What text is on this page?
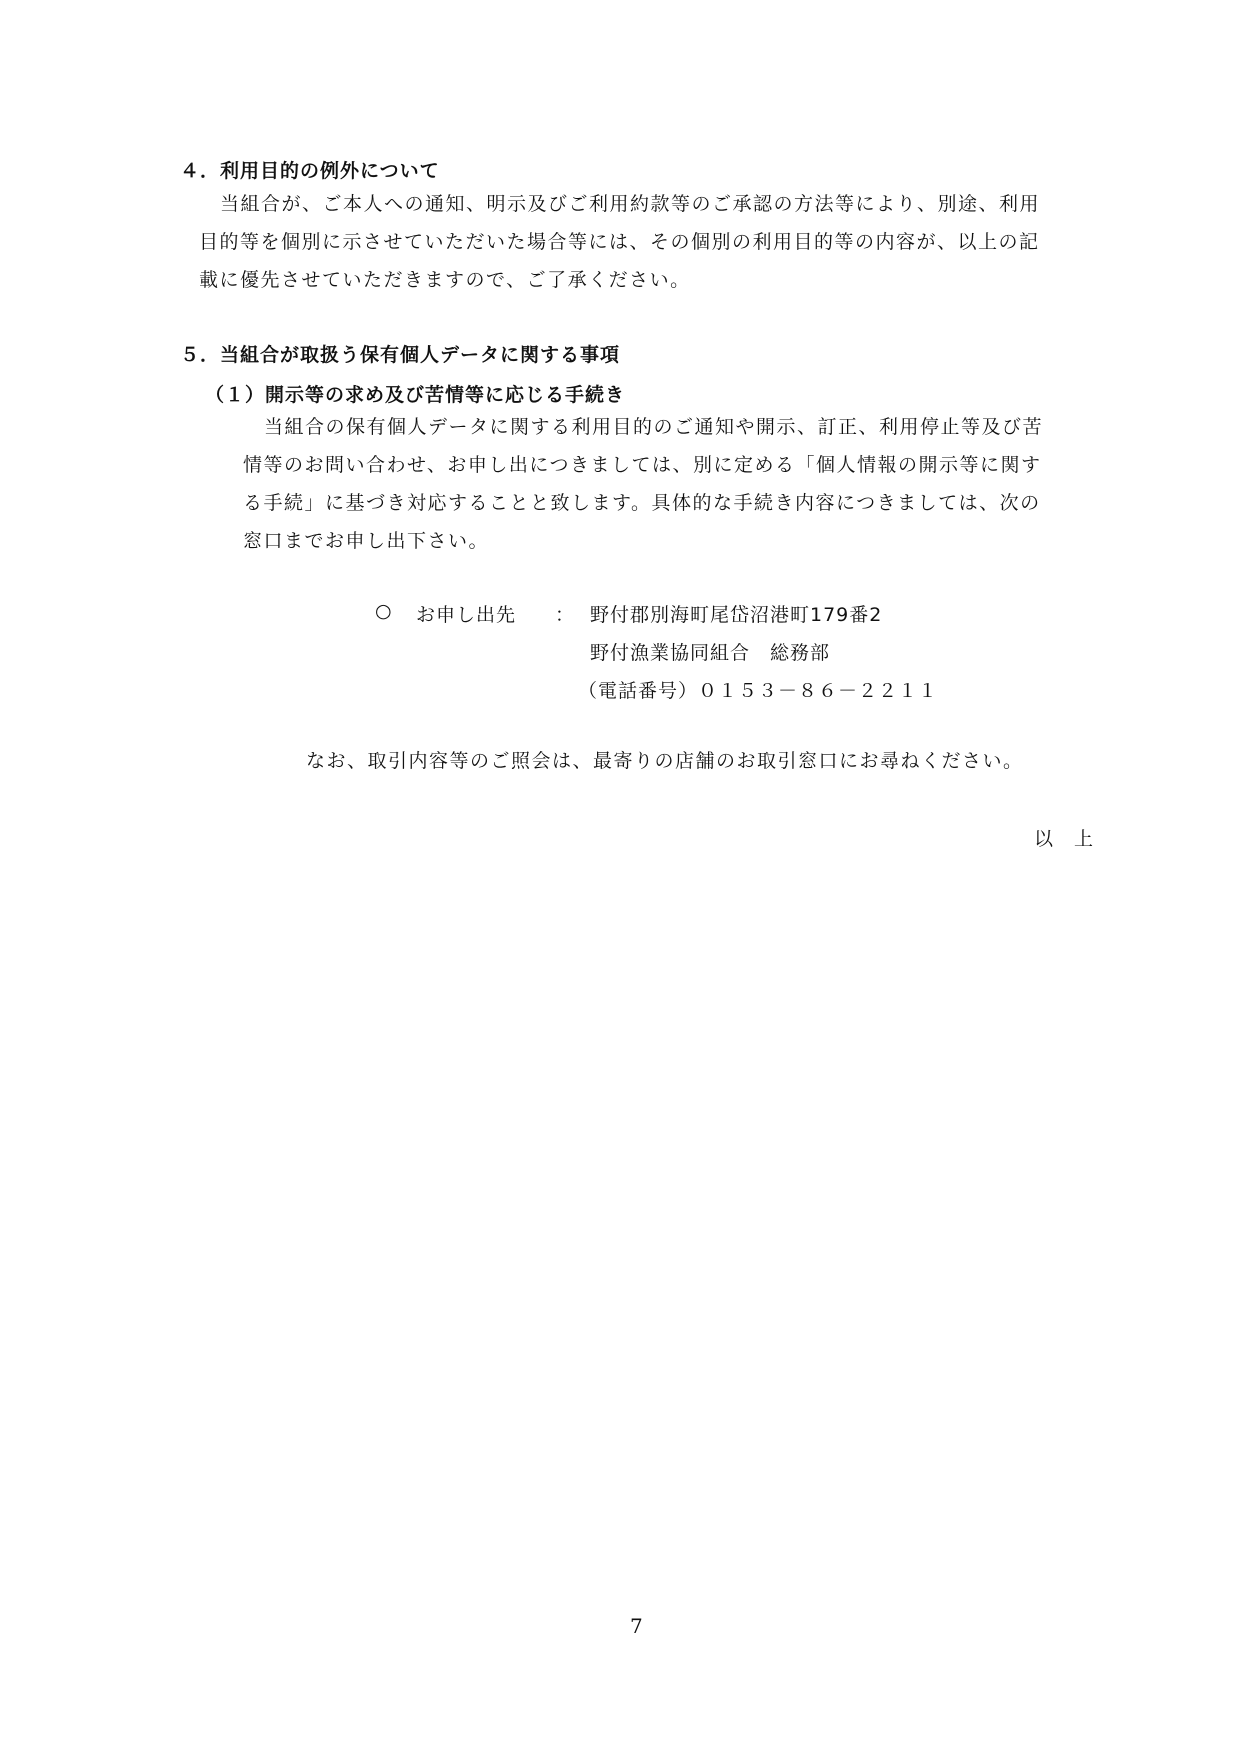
４．利用目的の例外について
当組合が、ご本人への通知、明示及びご利用約款等のご承認の方法等により、別途、利用
目的等を個別に示させていただいた場合等には、その個別の利用目的等の内容が、以上の記
載に優先させていただきますので、ご了承ください。
５．当組合が取扱う保有個人データに関する事項
（１）開示等の求め及び苦情等に応じる手続き
当組合の保有個人データに関する利用目的のご通知や開示、訂正、利用停止等及び苦
情等のお問い合わせ、お申し出につきましては、別に定める「個人情報の開示等に関す
る手続」に基づき対応することと致します。具体的な手続き内容につきましては、次の
窓口までお申し出下さい。
○ お申し出先 ： 野付郡別海町尾岱沼港町179番2
野付漁業協同組合　総務部
（電話番号）０１５３－８６－２２１１
なお、取引内容等のご照会は、最寄りの店舗のお取引窓口にお尋ねください。
以　上
7
